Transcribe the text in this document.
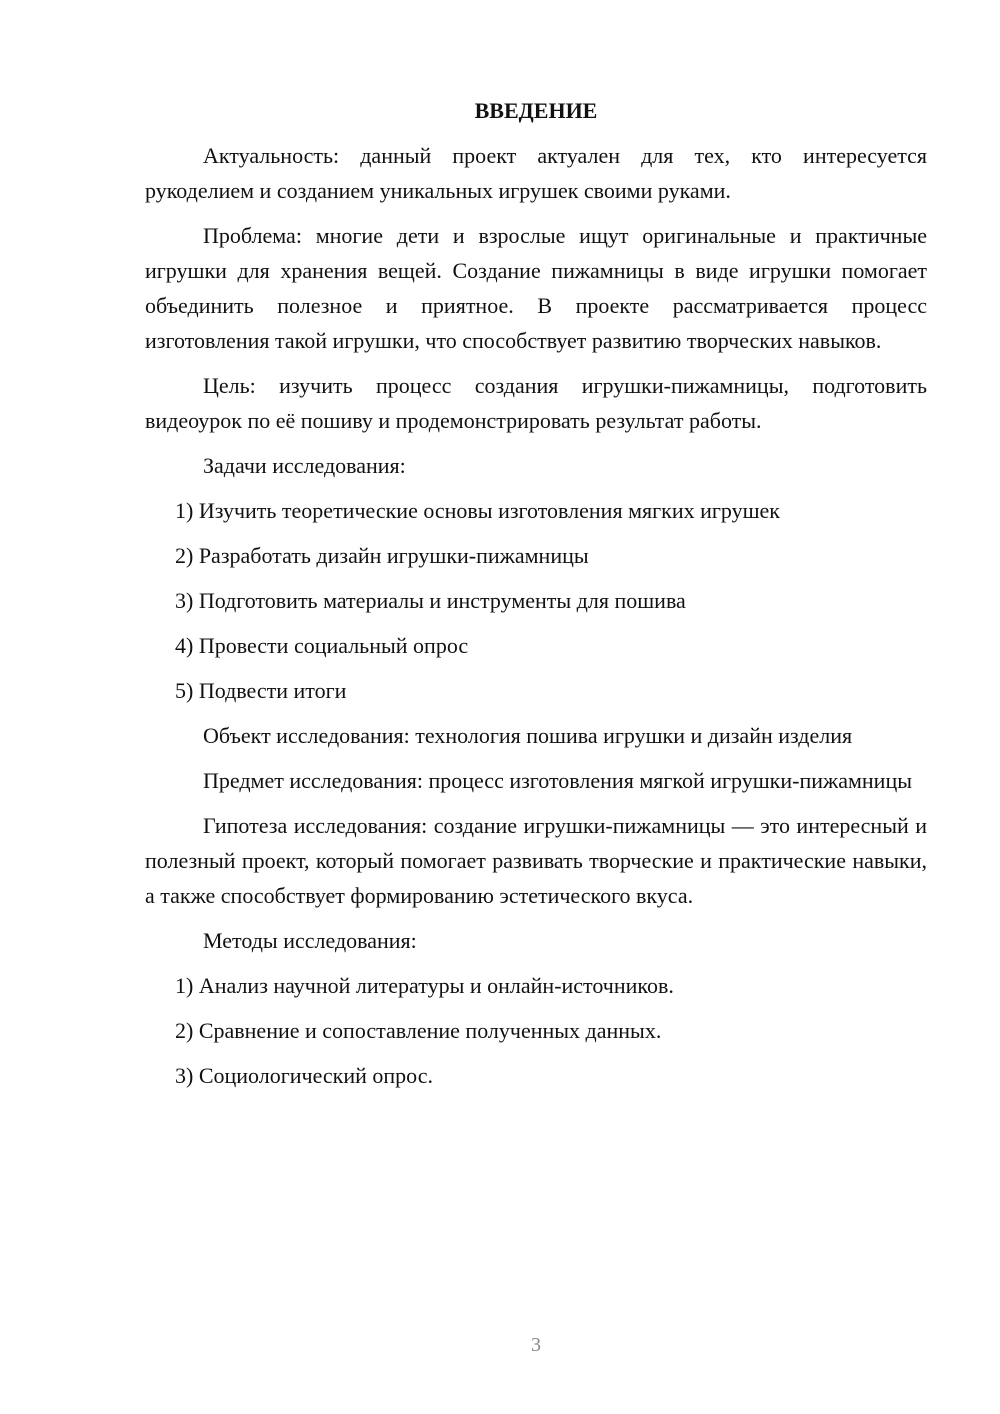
ВВЕДЕНИЕ
Актуальность: данный проект актуален для тех, кто интересуется рукоделием и созданием уникальных игрушек своими руками.
Проблема: многие дети и взрослые ищут оригинальные и практичные игрушки для хранения вещей. Создание пижамницы в виде игрушки помогает объединить полезное и приятное. В проекте рассматривается процесс изготовления такой игрушки, что способствует развитию творческих навыков.
Цель: изучить процесс создания игрушки-пижамницы, подготовить видеоурок по её пошиву и продемонстрировать результат работы.
Задачи исследования:
1) Изучить теоретические основы изготовления мягких игрушек
2) Разработать дизайн игрушки-пижамницы
3) Подготовить материалы и инструменты для пошива
4) Провести социальный опрос
5) Подвести итоги
Объект исследования: технология пошива игрушки и дизайн изделия
Предмет исследования: процесс изготовления мягкой игрушки-пижамницы
Гипотеза исследования: создание игрушки-пижамницы — это интересный и полезный проект, который помогает развивать творческие и практические навыки, а также способствует формированию эстетического вкуса.
Методы исследования:
1) Анализ научной литературы и онлайн-источников.
2) Сравнение и сопоставление полученных данных.
3) Социологический опрос.
3
